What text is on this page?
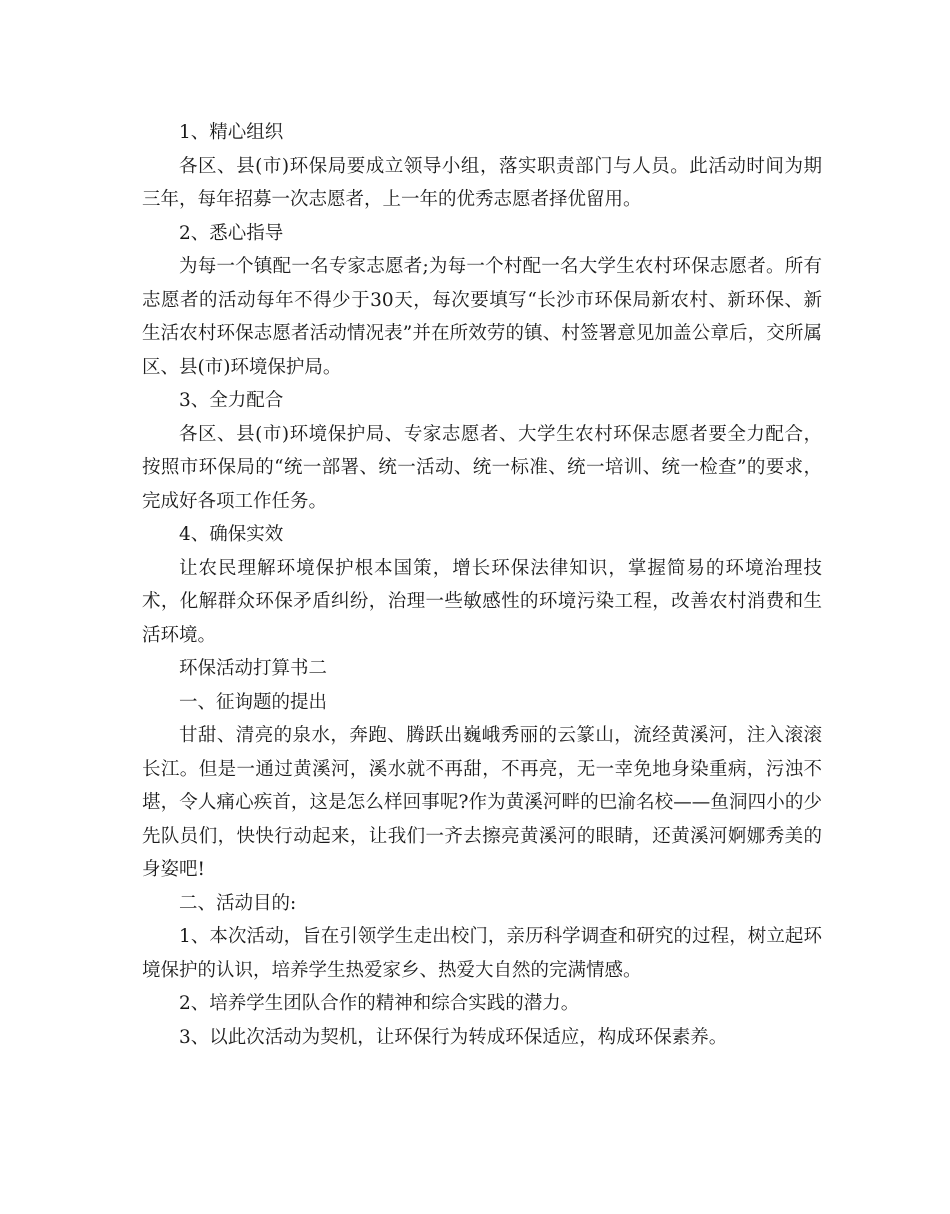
1、精心组织

各区、县(市)环保局要成立领导小组，落实职责部门与人员。此活动时间为期三年，每年招募一次志愿者，上一年的优秀志愿者择优留用。

2、悉心指导

为每一个镇配一名专家志愿者;为每一个村配一名大学生农村环保志愿者。所有志愿者的活动每年不得少于30天，每次要填写“长沙市环保局新农村、新环保、新生活农村环保志愿者活动情况表”并在所效劳的镇、村签署意见加盖公章后，交所属区、县(市)环境保护局。

3、全力配合

各区、县(市)环境保护局、专家志愿者、大学生农村环保志愿者要全力配合，按照市环保局的“统一部署、统一活动、统一标准、统一培训、统一检查”的要求，完成好各项工作任务。

4、确保实效

让农民理解环境保护根本国策，增长环保法律知识，掌握简易的环境治理技术，化解群众环保矛盾纠纷，治理一些敏感性的环境污染工程，改善农村消费和生活环境。

环保活动打算书二

一、征询题的提出

甘甜、清亮的泉水，奔跑、腾跃出巍峨秀丽的云篆山，流经黄溪河，注入滚滚长江。但是一通过黄溪河，溪水就不再甜，不再亮，无一幸免地身染重病，污浊不堪，令人痛心疾首，这是怎么样回事呢?作为黄溪河畔的巴渝名校——鱼洞四小的少先队员们，快快行动起来，让我们一齐去擦亮黄溪河的眼睛，还黄溪河婀娜秀美的身姿吧!

二、活动目的:

1、本次活动，旨在引领学生走出校门，亲历科学调查和研究的过程，树立起环境保护的认识，培养学生热爱家乡、热爱大自然的完满情感。

2、培养学生团队合作的精神和综合实践的潜力。

3、以此次活动为契机，让环保行为转成环保适应，构成环保素养。
